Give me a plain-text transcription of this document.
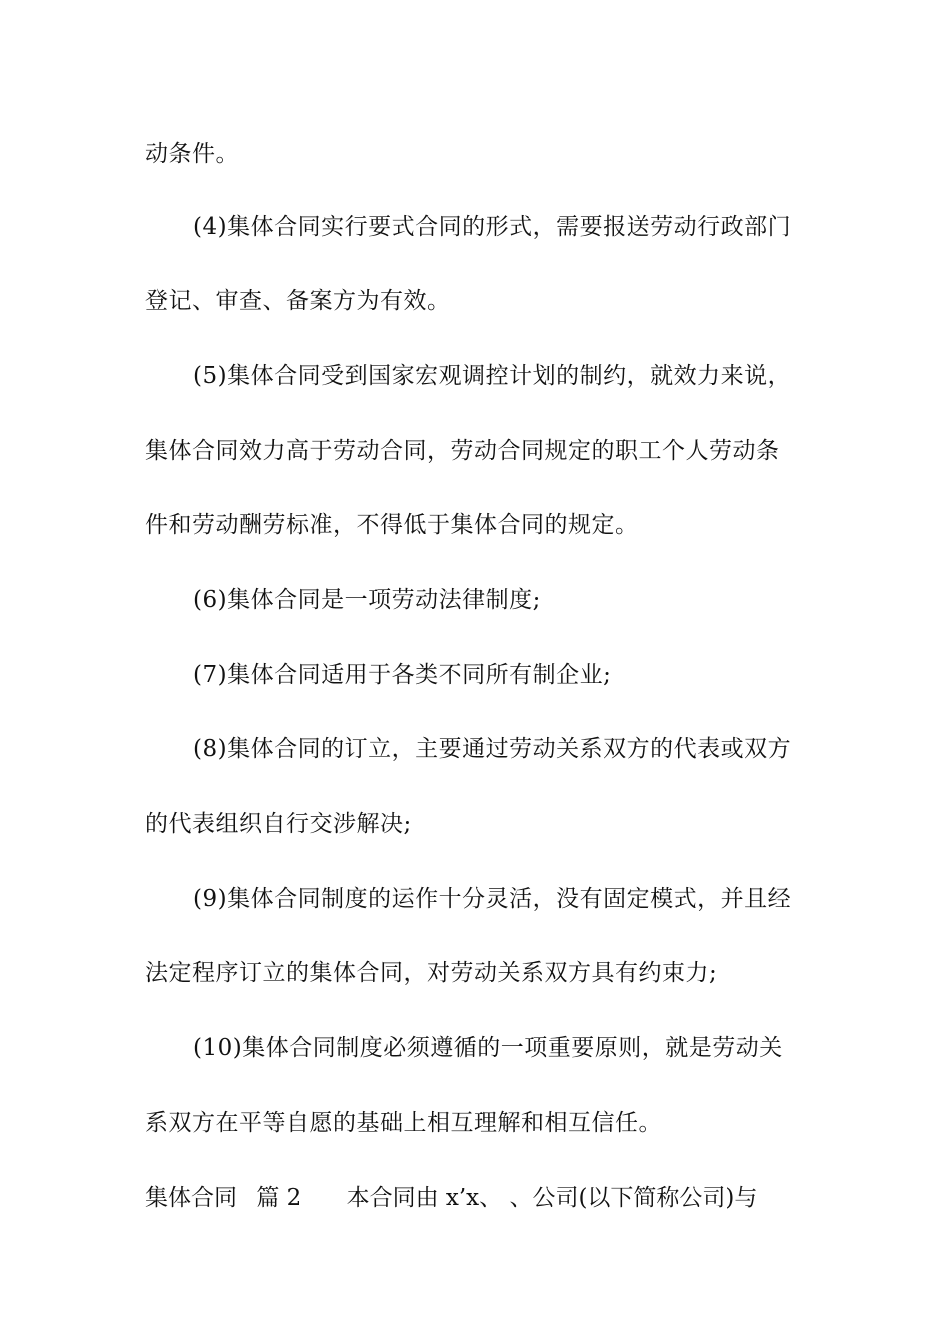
动条件。
(4)集体合同实行要式合同的形式，需要报送劳动行政部门
登记、审查、备案方为有效。
(5)集体合同受到国家宏观调控计划的制约，就效力来说，
集体合同效力高于劳动合同，劳动合同规定的职工个人劳动条
件和劳动酬劳标准，不得低于集体合同的规定。
(6)集体合同是一项劳动法律制度;
(7)集体合同适用于各类不同所有制企业;
(8)集体合同的订立，主要通过劳动关系双方的代表或双方
的代表组织自行交涉解决;
(9)集体合同制度的运作十分灵活，没有固定模式，并且经
法定程序订立的集体合同，对劳动关系双方具有约束力;
(10)集体合同制度必须遵循的一项重要原则，就是劳动关
系双方在平等自愿的基础上相互理解和相互信任。
集体合同 篇 2 本合同由 x’x、 、公司(以下简称公司)与
